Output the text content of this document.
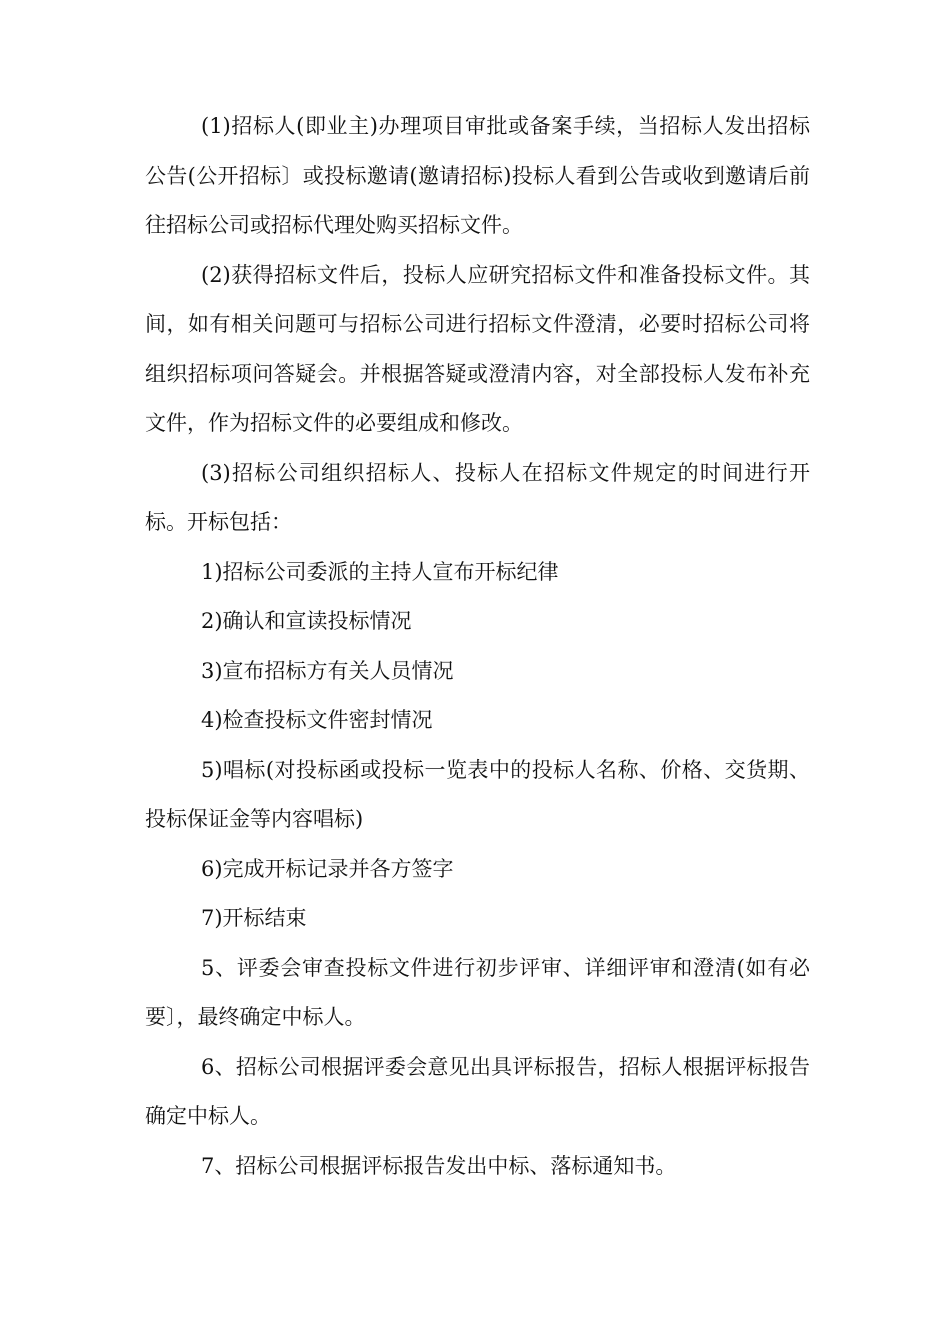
(1)招标人(即业主)办理项目审批或备案手续，当招标人发出招标公告(公开招标〕或投标邀请(邀请招标)投标人看到公告或收到邀请后前往招标公司或招标代理处购买招标文件。

(2)获得招标文件后，投标人应研究招标文件和准备投标文件。其间，如有相关问题可与招标公司进行招标文件澄清，必要时招标公司将组织招标项问答疑会。并根据答疑或澄清内容，对全部投标人发布补充文件，作为招标文件的必要组成和修改。

(3)招标公司组织招标人、投标人在招标文件规定的时间进行开标。开标包括：

1)招标公司委派的主持人宣布开标纪律

2)确认和宣读投标情况

3)宣布招标方有关人员情况

4)检查投标文件密封情况

5)唱标(对投标函或投标一览表中的投标人名称、价格、交货期、投标保证金等内容唱标)

6)完成开标记录并各方签字

7)开标结束

5、评委会审查投标文件进行初步评审、详细评审和澄清(如有必要〕，最终确定中标人。

6、招标公司根据评委会意见出具评标报告，招标人根据评标报告确定中标人。

7、招标公司根据评标报告发出中标、落标通知书。
